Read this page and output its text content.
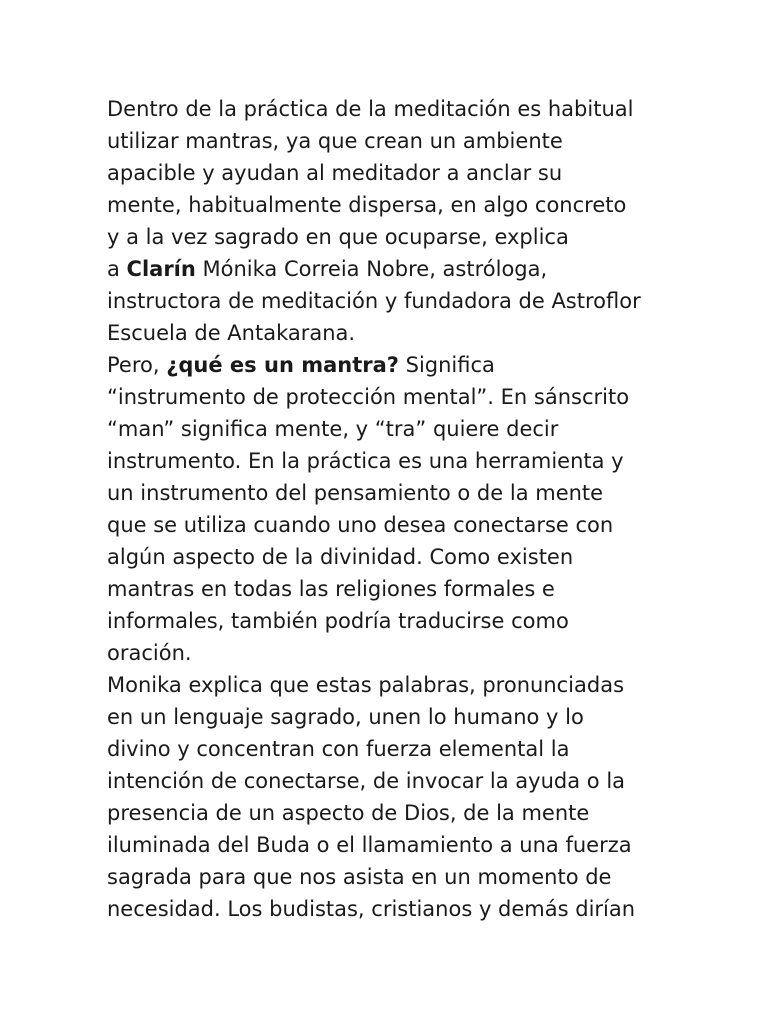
Dentro de la práctica de la meditación es habitual
utilizar mantras, ya que crean un ambiente
apacible y ayudan al meditador a anclar su
mente, habitualmente dispersa, en algo concreto
y a la vez sagrado en que ocuparse, explica
a Clarín Mónika Correia Nobre, astróloga,
instructora de meditación y fundadora de Astroflor
Escuela de Antakarana.
Pero, ¿qué es un mantra? Significa
“instrumento de protección mental”. En sánscrito
“man” significa mente, y “tra” quiere decir
instrumento. En la práctica es una herramienta y
un instrumento del pensamiento o de la mente
que se utiliza cuando uno desea conectarse con
algún aspecto de la divinidad. Como existen
mantras en todas las religiones formales e
informales, también podría traducirse como
oración.
Monika explica que estas palabras, pronunciadas
en un lenguaje sagrado, unen lo humano y lo
divino y concentran con fuerza elemental la
intención de conectarse, de invocar la ayuda o la
presencia de un aspecto de Dios, de la mente
iluminada del Buda o el llamamiento a una fuerza
sagrada para que nos asista en un momento de
necesidad. Los budistas, cristianos y demás dirían
